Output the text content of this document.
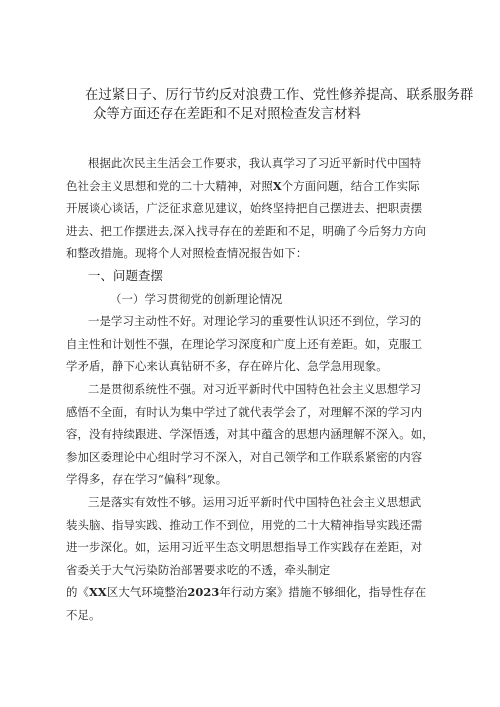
在过紧日子、厉行节约反对浪费工作、党性修养提高、联系服务群
众等方面还存在差距和不足对照检查发言材料
根据此次民主生活会工作要求，我认真学习了习近平新时代中国特
色社会主义思想和党的二十大精神，对照X个方面问题，结合工作实际
开展谈心谈话，广泛征求意见建议，始终坚持把自己摆进去、把职责摆
进去、把工作摆进去,深入找寻存在的差距和不足，明确了今后努力方向
和整改措施。现将个人对照检查情况报告如下：
一、问题查摆
（一）学习贯彻党的创新理论情况
一是学习主动性不好。对理论学习的重要性认识还不到位，学习的
自主性和计划性不强，在理论学习深度和广度上还有差距。如，克服工
学矛盾，静下心来认真钻研不多，存在碎片化、急学急用现象。
二是贯彻系统性不强。对习近平新时代中国特色社会主义思想学习
感悟不全面，有时认为集中学过了就代表学会了，对理解不深的学习内
容，没有持续跟进、学深悟透，对其中蕴含的思想内涵理解不深入。如，
参加区委理论中心组时学习不深入，对自己领学和工作联系紧密的内容
学得多，存在学习“偏科”现象。
三是落实有效性不够。运用习近平新时代中国特色社会主义思想武
装头脑、指导实践、推动工作不到位，用党的二十大精神指导实践还需
进一步深化。如，运用习近平生态文明思想指导工作实践存在差距，对
省委关于大气污染防治部署要求吃的不透，牵头制定
的《XX区大气环境整治2023年行动方案》措施不够细化，指导性存在
不足。
